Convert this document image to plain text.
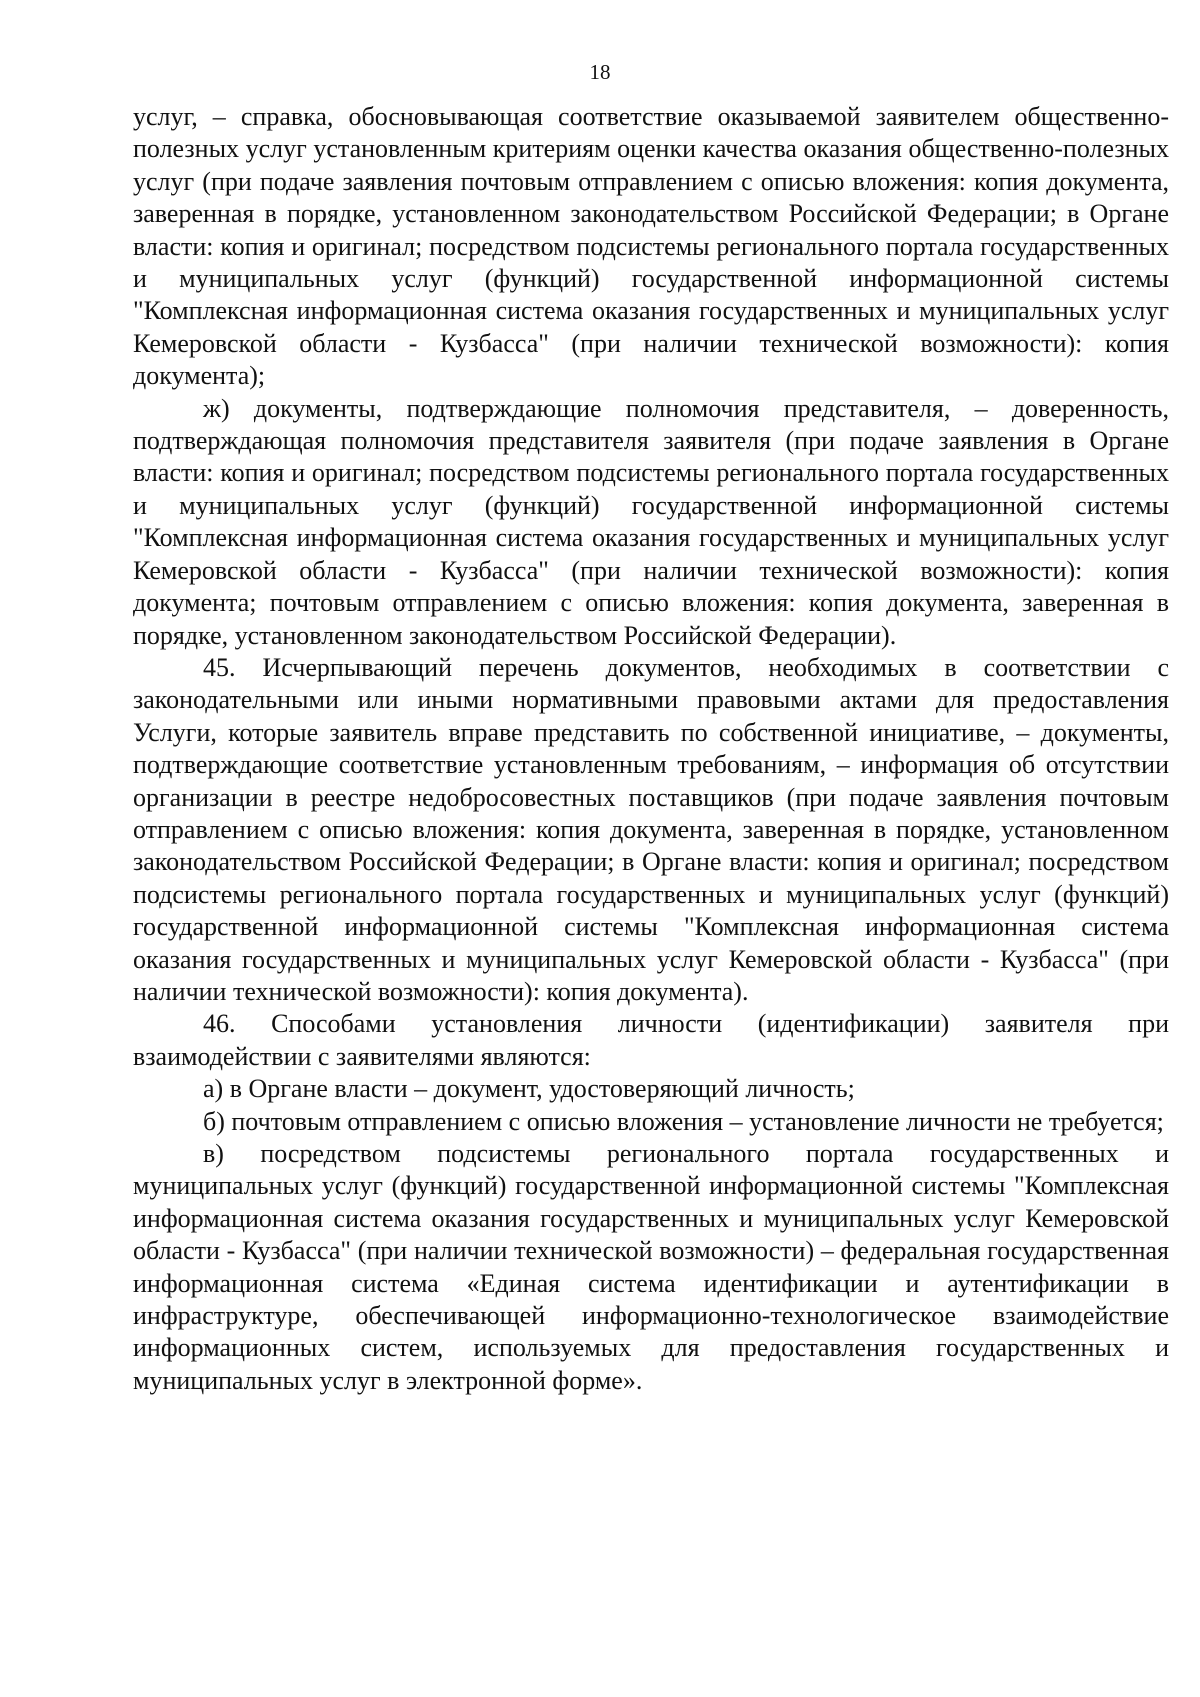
18

услуг, – справка, обосновывающая соответствие оказываемой заявителем общественно-полезных услуг установленным критериям оценки качества оказания общественно-полезных услуг (при подаче заявления почтовым отправлением с описью вложения: копия документа, заверенная в порядке, установленном законодательством Российской Федерации; в Органе власти: копия и оригинал; посредством подсистемы регионального портала государственных и муниципальных услуг (функций) государственной информационной системы "Комплексная информационная система оказания государственных и муниципальных услуг Кемеровской области - Кузбасса" (при наличии технической возможности): копия документа);

ж) документы, подтверждающие полномочия представителя, – доверенность, подтверждающая полномочия представителя заявителя (при подаче заявления в Органе власти: копия и оригинал; посредством подсистемы регионального портала государственных и муниципальных услуг (функций) государственной информационной системы "Комплексная информационная система оказания государственных и муниципальных услуг Кемеровской области - Кузбасса" (при наличии технической возможности): копия документа; почтовым отправлением с описью вложения: копия документа, заверенная в порядке, установленном законодательством Российской Федерации).

45. Исчерпывающий перечень документов, необходимых в соответствии с законодательными или иными нормативными правовыми актами для предоставления Услуги, которые заявитель вправе представить по собственной инициативе, – документы, подтверждающие соответствие установленным требованиям, – информация об отсутствии организации в реестре недобросовестных поставщиков (при подаче заявления почтовым отправлением с описью вложения: копия документа, заверенная в порядке, установленном законодательством Российской Федерации; в Органе власти: копия и оригинал; посредством подсистемы регионального портала государственных и муниципальных услуг (функций) государственной информационной системы "Комплексная информационная система оказания государственных и муниципальных услуг Кемеровской области - Кузбасса" (при наличии технической возможности): копия документа).

46. Способами установления личности (идентификации) заявителя при взаимодействии с заявителями являются:

а) в Органе власти – документ, удостоверяющий личность;

б) почтовым отправлением с описью вложения – установление личности не требуется;

в) посредством подсистемы регионального портала государственных и муниципальных услуг (функций) государственной информационной системы "Комплексная информационная система оказания государственных и муниципальных услуг Кемеровской области - Кузбасса" (при наличии технической возможности) – федеральная государственная информационная система «Единая система идентификации и аутентификации в инфраструктуре, обеспечивающей информационно-технологическое взаимодействие информационных систем, используемых для предоставления государственных и муниципальных услуг в электронной форме».
